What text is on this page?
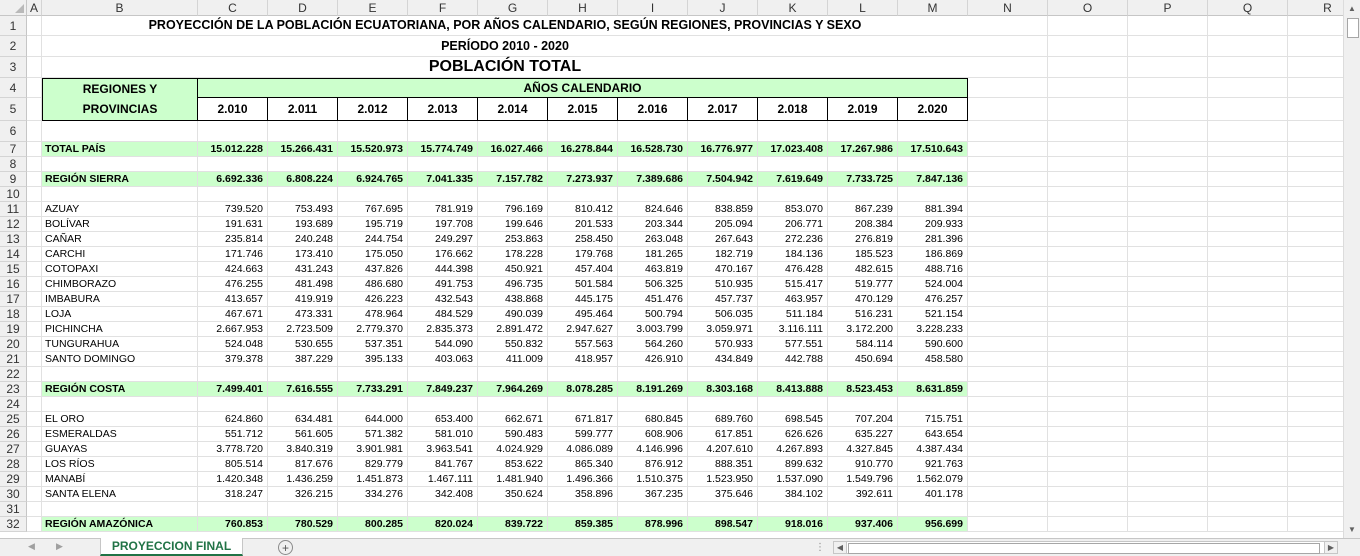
A	B	C	D	E	F	G	H	I	J	K	L	M	N	O	P	Q	R
1	PROYECCIÓN DE LA POBLACIÓN ECUATORIANA, POR AÑOS CALENDARIO, SEGÚN REGIONES, PROVINCIAS Y SEXO
2	PERÍODO 2010 - 2020
3	POBLACIÓN TOTAL
4	REGIONES Y	AÑOS CALENDARIO
5	PROVINCIAS	2.010	2.011	2.012	2.013	2.014	2.015	2.016	2.017	2.018	2.019	2.020
6
7	TOTAL PAÍS	15.012.228	15.266.431	15.520.973	15.774.749	16.027.466	16.278.844	16.528.730	16.776.977	17.023.408	17.267.986	17.510.643
8
9	REGIÓN SIERRA	6.692.336	6.808.224	6.924.765	7.041.335	7.157.782	7.273.937	7.389.686	7.504.942	7.619.649	7.733.725	7.847.136
10
11	AZUAY	739.520	753.493	767.695	781.919	796.169	810.412	824.646	838.859	853.070	867.239	881.394
12	BOLÍVAR	191.631	193.689	195.719	197.708	199.646	201.533	203.344	205.094	206.771	208.384	209.933
13	CAÑAR	235.814	240.248	244.754	249.297	253.863	258.450	263.048	267.643	272.236	276.819	281.396
14	CARCHI	171.746	173.410	175.050	176.662	178.228	179.768	181.265	182.719	184.136	185.523	186.869
15	COTOPAXI	424.663	431.243	437.826	444.398	450.921	457.404	463.819	470.167	476.428	482.615	488.716
16	CHIMBORAZO	476.255	481.498	486.680	491.753	496.735	501.584	506.325	510.935	515.417	519.777	524.004
17	IMBABURA	413.657	419.919	426.223	432.543	438.868	445.175	451.476	457.737	463.957	470.129	476.257
18	LOJA	467.671	473.331	478.964	484.529	490.039	495.464	500.794	506.035	511.184	516.231	521.154
19	PICHINCHA	2.667.953	2.723.509	2.779.370	2.835.373	2.891.472	2.947.627	3.003.799	3.059.971	3.116.111	3.172.200	3.228.233
20	TUNGURAHUA	524.048	530.655	537.351	544.090	550.832	557.563	564.260	570.933	577.551	584.114	590.600
21	SANTO DOMINGO	379.378	387.229	395.133	403.063	411.009	418.957	426.910	434.849	442.788	450.694	458.580
22
23	REGIÓN COSTA	7.499.401	7.616.555	7.733.291	7.849.237	7.964.269	8.078.285	8.191.269	8.303.168	8.413.888	8.523.453	8.631.859
24
25	EL ORO	624.860	634.481	644.000	653.400	662.671	671.817	680.845	689.760	698.545	707.204	715.751
26	ESMERALDAS	551.712	561.605	571.382	581.010	590.483	599.777	608.906	617.851	626.626	635.227	643.654
27	GUAYAS	3.778.720	3.840.319	3.901.981	3.963.541	4.024.929	4.086.089	4.146.996	4.207.610	4.267.893	4.327.845	4.387.434
28	LOS RÍOS	805.514	817.676	829.779	841.767	853.622	865.340	876.912	888.351	899.632	910.770	921.763
29	MANABÍ	1.420.348	1.436.259	1.451.873	1.467.111	1.481.940	1.496.366	1.510.375	1.523.950	1.537.090	1.549.796	1.562.079
30	SANTA ELENA	318.247	326.215	334.276	342.408	350.624	358.896	367.235	375.646	384.102	392.611	401.178
31
32	REGIÓN AMAZÓNICA	760.853	780.529	800.285	820.024	839.722	859.385	878.996	898.547	918.016	937.406	956.699
▲
▼
◀ ▶	PROYECCION FINAL	+	⋮	◀	▶
